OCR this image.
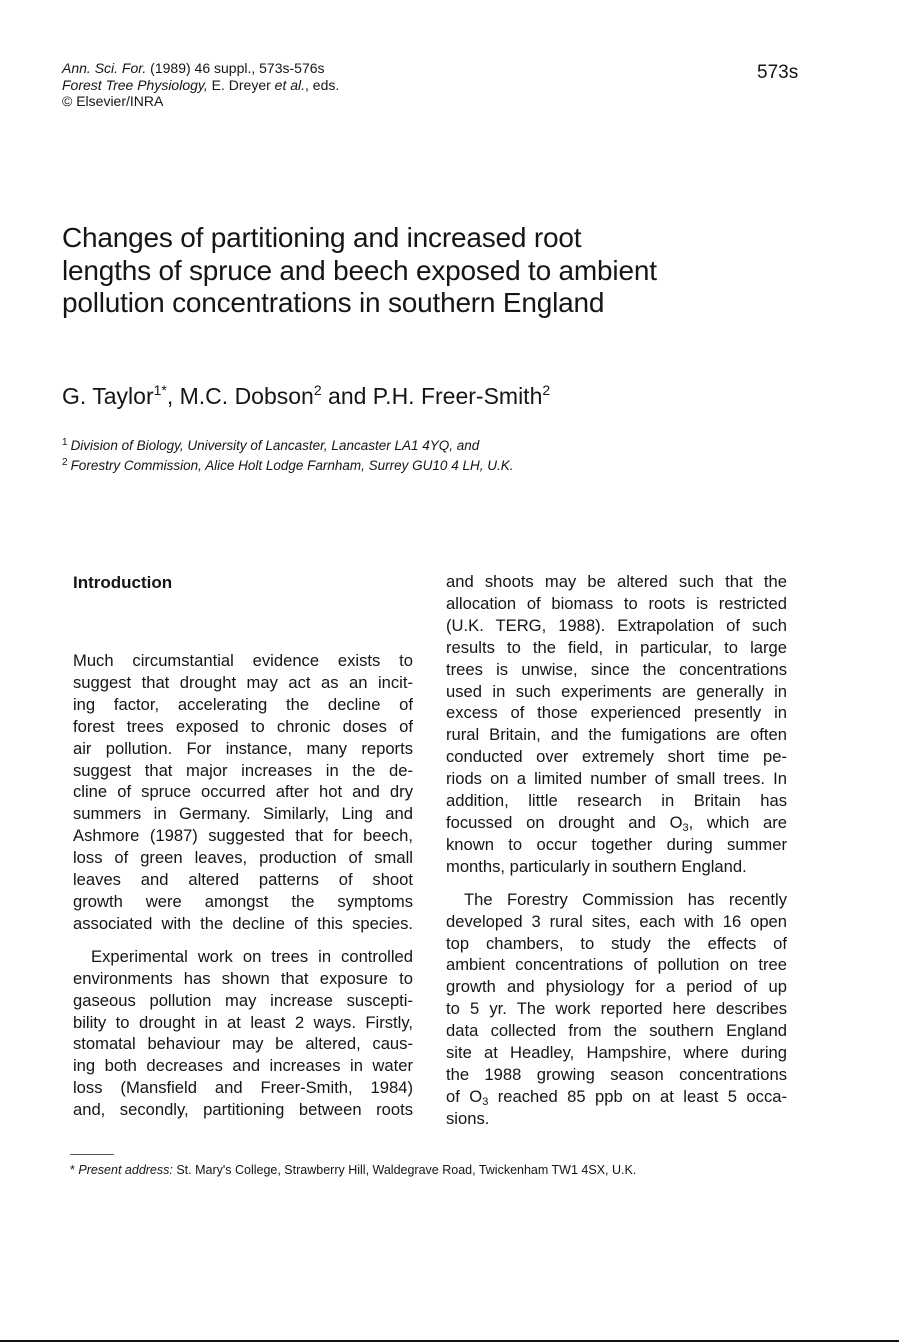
Ann. Sci. For. (1989) 46 suppl., 573s-576s
Forest Tree Physiology, E. Dreyer et al., eds.
© Elsevier/INRA
573s
Changes of partitioning and increased root
lengths of spruce and beech exposed to ambient
pollution concentrations in southern England
G. Taylor$^{1*}$, M.C. Dobson$^2$ and P.H. Freer-Smith$^2$
$^1$ Division of Biology, University of Lancaster, Lancaster LA1 4YQ, and
$^2$ Forestry Commission, Alice Holt Lodge Farnham, Surrey GU10 4 LH, U.K.
Introduction

Much circumstantial evidence exists to
suggest that drought may act as an incit-
ing factor, accelerating the decline of
forest trees exposed to chronic doses of
air pollution. For instance, many reports
suggest that major increases in the de-
cline of spruce occurred after hot and dry
summers in Germany. Similarly, Ling and
Ashmore (1987) suggested that for beech,
loss of green leaves, production of small
leaves and altered patterns of shoot
growth were amongst the symptoms
associated with the decline of this species.

Experimental work on trees in controlled
environments has shown that exposure to
gaseous pollution may increase suscepti-
bility to drought in at least 2 ways. Firstly,
stomatal behaviour may be altered, caus-
ing both decreases and increases in water
loss (Mansfield and Freer-Smith, 1984)
and, secondly, partitioning between roots

and shoots may be altered such that the
allocation of biomass to roots is restricted
(U.K. TERG, 1988). Extrapolation of such
results to the field, in particular, to large
trees is unwise, since the concentrations
used in such experiments are generally in
excess of those experienced presently in
rural Britain, and the fumigations are often
conducted over extremely short time pe-
riods on a limited number of small trees. In
addition, little research in Britain has
focussed on drought and $O_3$, which are
known to occur together during summer
months, particularly in southern England.

The Forestry Commission has recently
developed 3 rural sites, each with 16 open
top chambers, to study the effects of
ambient concentrations of pollution on tree
growth and physiology for a period of up
to 5 yr. The work reported here describes
data collected from the southern England
site at Headley, Hampshire, where during
the 1988 growing season concentrations
of $O_3$ reached 85 ppb on at least 5 occa-
sions.

* Present address: St. Mary's College, Strawberry Hill, Waldegrave Road, Twickenham TW1 4SX, U.K.
